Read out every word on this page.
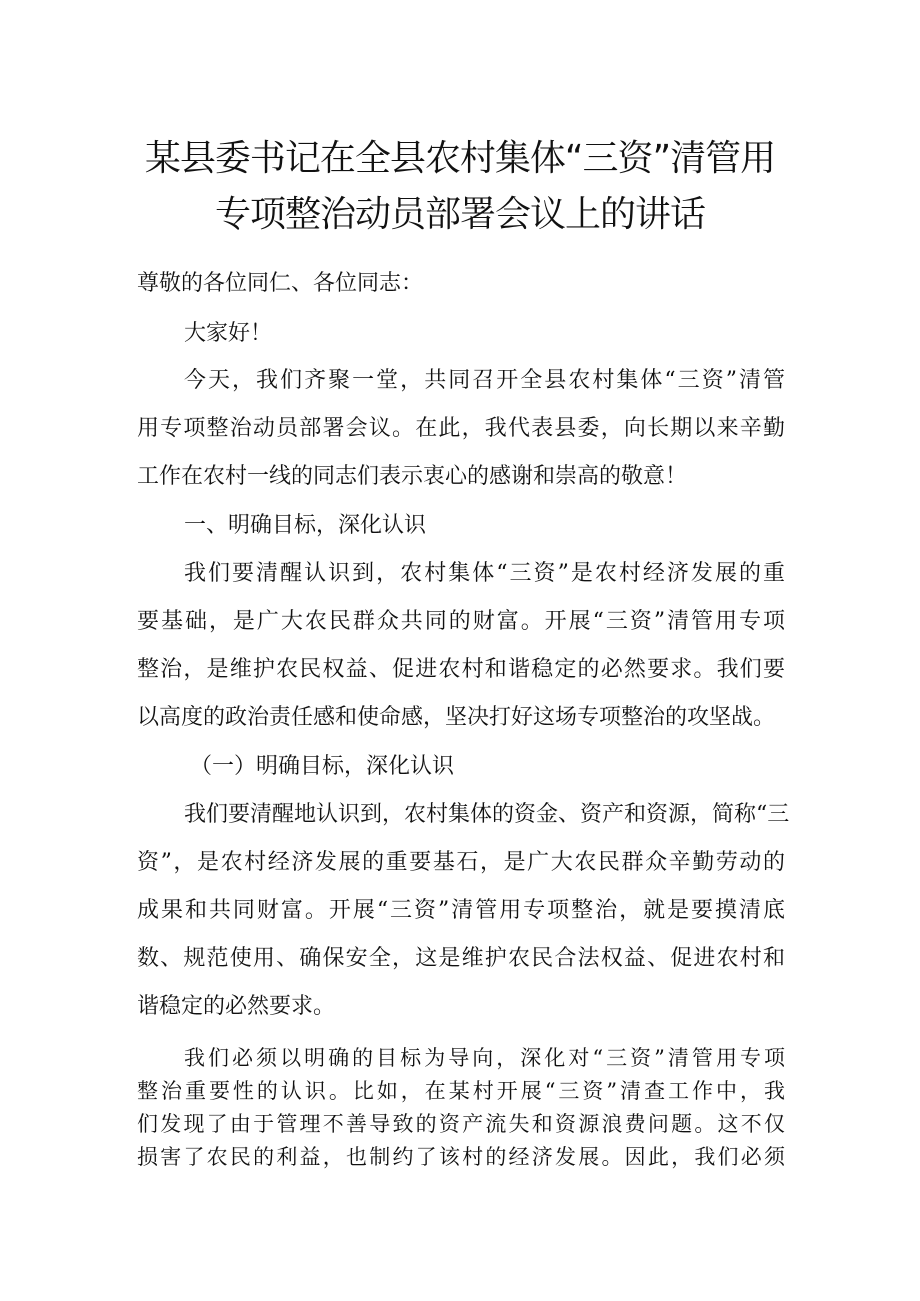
某县委书记在全县农村集体“三资”清管用
专项整治动员部署会议上的讲话
尊敬的各位同仁、各位同志：
大家好！
今天，我们齐聚一堂，共同召开全县农村集体“三资”清管
用专项整治动员部署会议。在此，我代表县委，向长期以来辛勤
工作在农村一线的同志们表示衷心的感谢和崇高的敬意！
一、明确目标，深化认识
我们要清醒认识到，农村集体“三资”是农村经济发展的重
要基础，是广大农民群众共同的财富。开展“三资”清管用专项
整治，是维护农民权益、促进农村和谐稳定的必然要求。我们要
以高度的政治责任感和使命感，坚决打好这场专项整治的攻坚战。
（一）明确目标，深化认识
我们要清醒地认识到，农村集体的资金、资产和资源，简称“三
资”，是农村经济发展的重要基石，是广大农民群众辛勤劳动的
成果和共同财富。开展“三资”清管用专项整治，就是要摸清底
数、规范使用、确保安全，这是维护农民合法权益、促进农村和
谐稳定的必然要求。
我们必须以明确的目标为导向，深化对“三资”清管用专项
整治重要性的认识。比如，在某村开展“三资”清查工作中，我
们发现了由于管理不善导致的资产流失和资源浪费问题。这不仅
损害了农民的利益，也制约了该村的经济发展。因此，我们必须
